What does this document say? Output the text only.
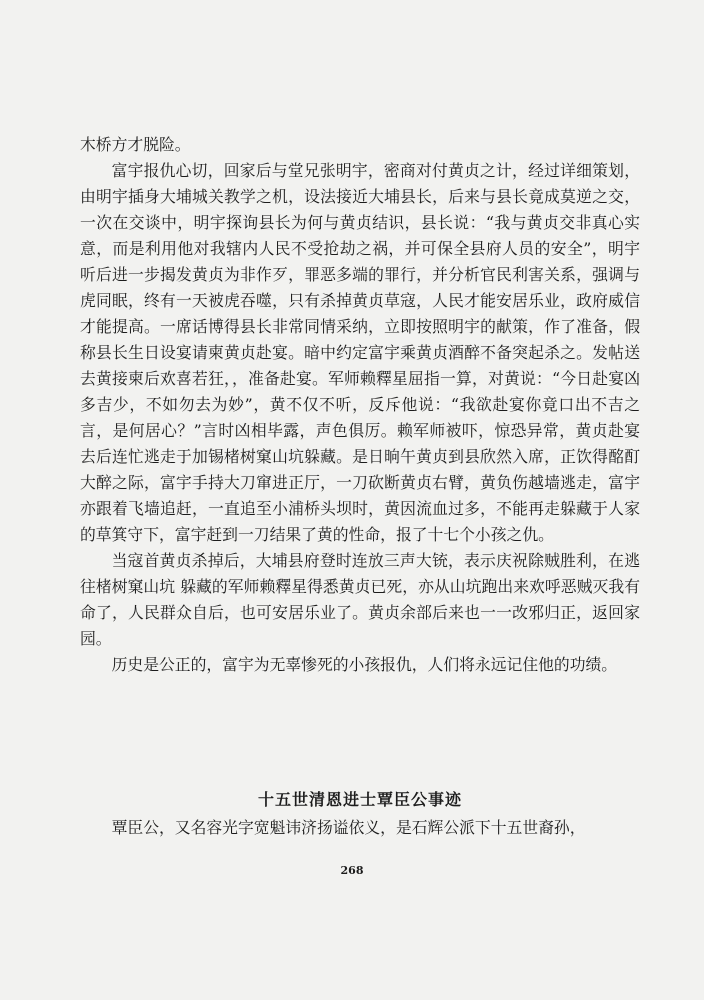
木桥方才脱险。

富宇报仇心切，回家后与堂兄张明宇，密商对付黄贞之计，经过详细策划，由明宇插身大埔城关教学之机，设法接近大埔县长，后来与县长竟成莫逆之交，一次在交谈中，明宇探询县长为何与黄贞结识，县长说：“我与黄贞交非真心实意，而是利用他对我辖内人民不受抢劫之祸，并可保全县府人员的安全”，明宇听后进一步揭发黄贞为非作歹，罪恶多端的罪行，并分析官民利害关系，强调与虎同眠，终有一天被虎吞噬，只有杀掉黄贞草寇，人民才能安居乐业，政府威信才能提高。一席话博得县长非常同情采纳，立即按照明宇的献策，作了准备，假称县长生日设宴请柬黄贞赴宴。暗中约定富宇乘黄贞酒醉不备突起杀之。发帖送去黄接柬后欢喜若狂，，准备赴宴。军师赖釋星屈指一算，对黄说：“今日赴宴凶多吉少，不如勿去为妙”，黄不仅不听，反斥他说：“我欲赴宴你竟口出不吉之言，是何居心？”言时凶相毕露，声色俱厉。赖军师被吓，惊恐异常，黄贞赴宴去后连忙逃走于加锡楮树窠山坑躲藏。是日晌午黄贞到县欣然入席，正饮得酩酊大醉之际，富宇手持大刀窜进正厅，一刀砍断黄贞右臂，黄负伤越墙逃走，富宇亦跟着飞墙追赶，一直追至小浦桥头坝时，黄因流血过多，不能再走躲藏于人家的草箕守下，富宇赶到一刀结果了黄的性命，报了十七个小孩之仇。

当寇首黄贞杀掉后，大埔县府登时连放三声大铳，表示庆祝除贼胜利，在逃往楮树窠山坑 躲藏的军师赖釋星得悉黄贞已死，亦从山坑跑出来欢呼恶贼灭我有命了，人民群众自后，也可安居乐业了。黄贞余部后来也一一改邪归正，返回家园。

历史是公正的，富宇为无辜惨死的小孩报仇，人们将永远记住他的功绩。

十五世清恩进士覃臣公事迹

覃臣公，又名容光字宽魁讳济扬谥依义，是石辉公派下十五世裔孙，

268
